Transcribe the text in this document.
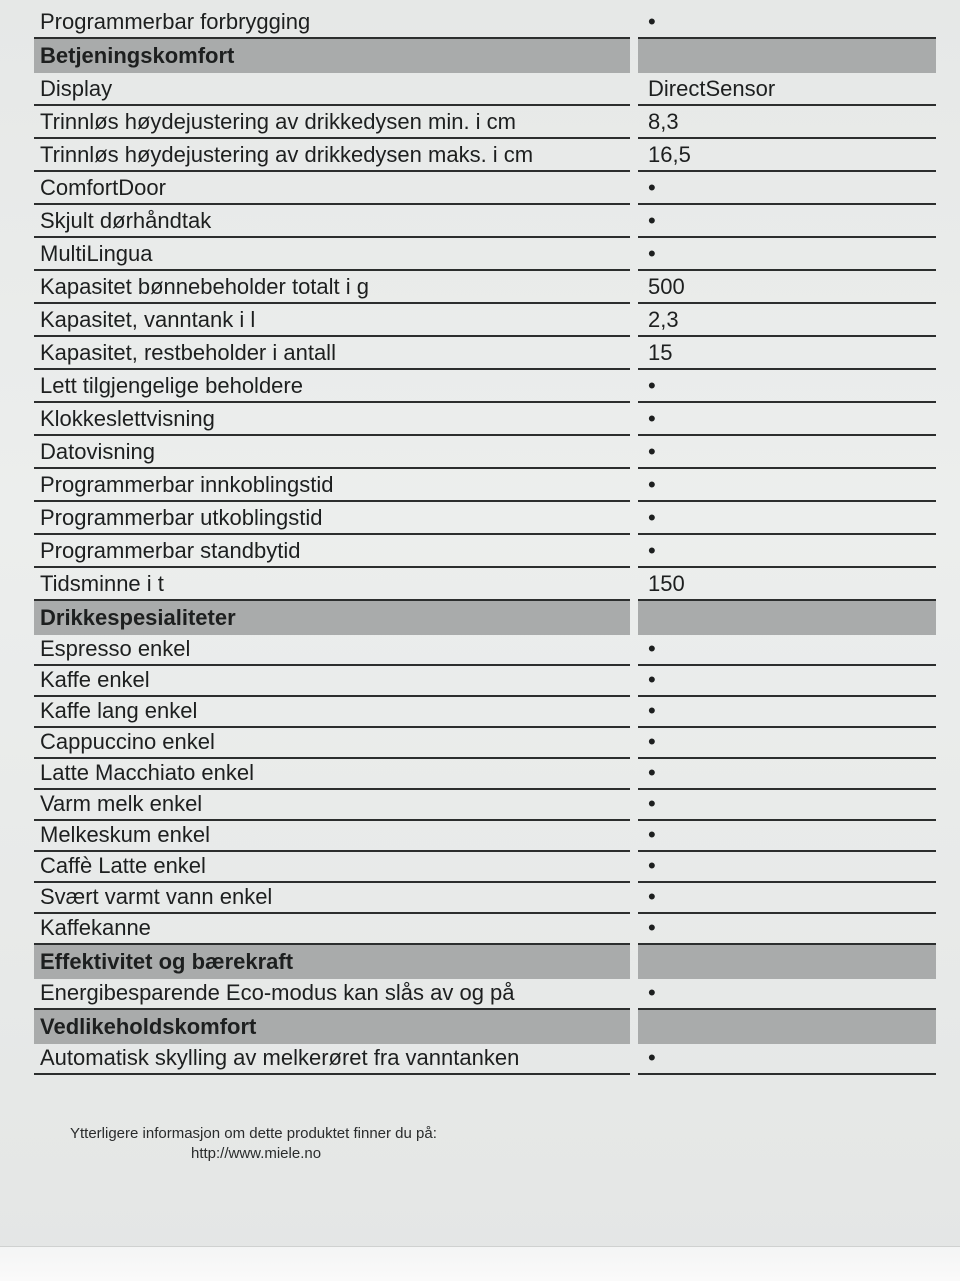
Programmerbar forbrygging	•
Betjeningskomfort
Display	DirectSensor
Trinnløs høydejustering av drikkedysen min. i cm	8,3
Trinnløs høydejustering av drikkedysen maks. i cm	16,5
ComfortDoor	•
Skjult dørhåndtak	•
MultiLingua	•
Kapasitet bønnebeholder totalt i g	500
Kapasitet, vanntank i l	2,3
Kapasitet, restbeholder i antall	15
Lett tilgjengelige beholdere	•
Klokkeslettvisning	•
Datovisning	•
Programmerbar innkoblingstid	•
Programmerbar utkoblingstid	•
Programmerbar standbytid	•
Tidsminne i t	150
Drikkespesialiteter
Espresso enkel	•
Kaffe enkel	•
Kaffe lang enkel	•
Cappuccino enkel	•
Latte Macchiato enkel	•
Varm melk enkel	•
Melkeskum enkel	•
Caffè Latte enkel	•
Svært varmt vann enkel	•
Kaffekanne	•
Effektivitet og bærekraft
Energibesparende Eco-modus kan slås av og på	•
Vedlikeholdskomfort
Automatisk skylling av melkerøret fra vanntanken	•
Ytterligere informasjon om dette produktet finner du på:
http://www.miele.no
